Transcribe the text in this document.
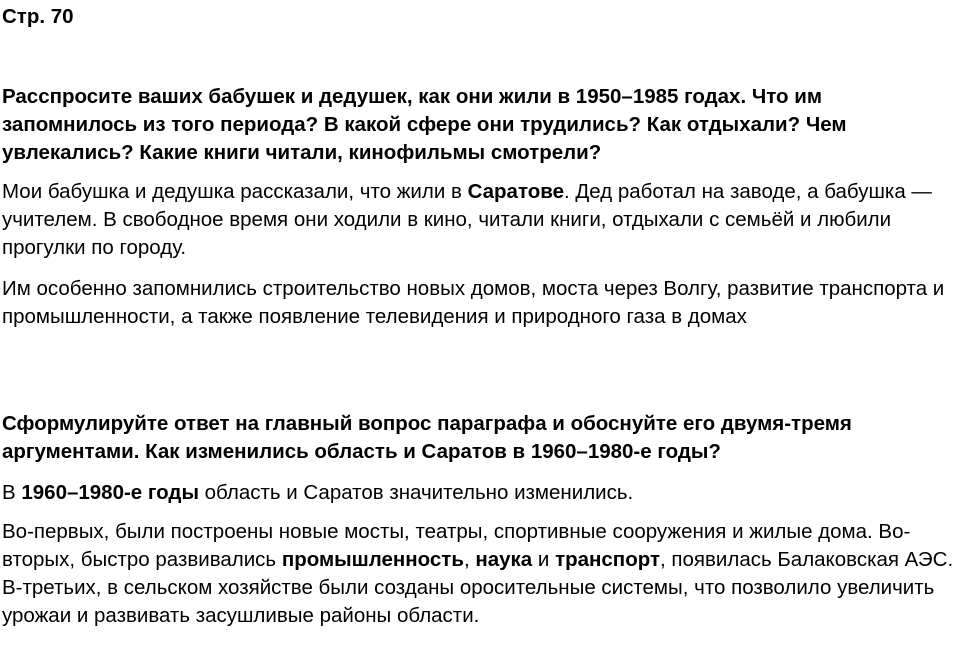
Стр. 70

Расспросите ваших бабушек и дедушек, как они жили в 1950–1985 годах. Что им запомнилось из того периода? В какой сфере они трудились? Как отдыхали? Чем увлекались? Какие книги читали, кинофильмы смотрели?

Мои бабушка и дедушка рассказали, что жили в Саратове. Дед работал на заводе, а бабушка — учителем. В свободное время они ходили в кино, читали книги, отдыхали с семьёй и любили прогулки по городу.

Им особенно запомнились строительство новых домов, моста через Волгу, развитие транспорта и промышленности, а также появление телевидения и природного газа в домах

Сформулируйте ответ на главный вопрос параграфа и обоснуйте его двумя-тремя аргументами. Как изменились область и Саратов в 1960–1980-е годы?

В 1960–1980-е годы область и Саратов значительно изменились.

Во-первых, были построены новые мосты, театры, спортивные сооружения и жилые дома. Во-вторых, быстро развивались промышленность, наука и транспорт, появилась Балаковская АЭС. В-третьих, в сельском хозяйстве были созданы оросительные системы, что позволило увеличить урожаи и развивать засушливые районы области.
